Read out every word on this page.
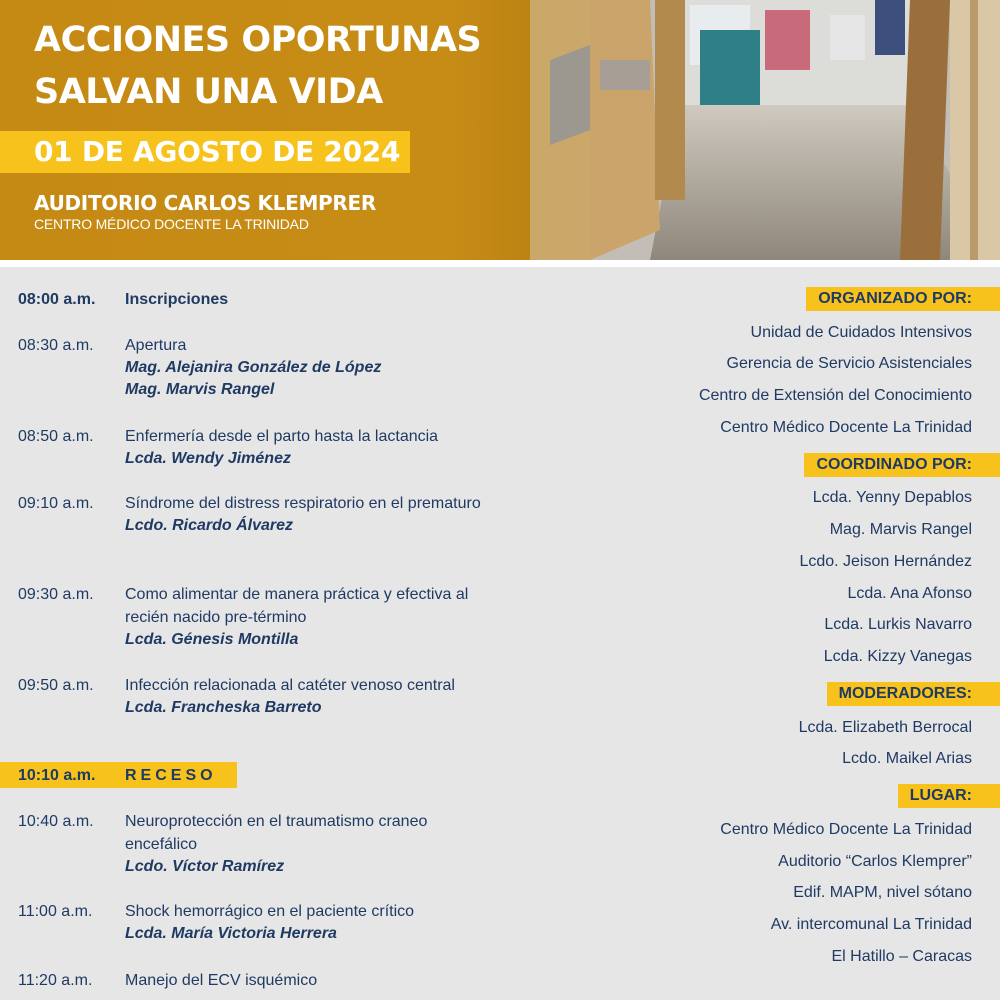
ACCIONES OPORTUNAS
SALVAN UNA VIDA
01 DE AGOSTO DE 2024
AUDITORIO CARLOS KLEMPRER
CENTRO MÉDICO DOCENTE LA TRINIDAD
08:00 a.m. Inscripciones
08:30 a.m. Apertura
Mag. Alejanira González de López
Mag. Marvis Rangel
08:50 a.m. Enfermería desde el parto hasta la lactancia
Lcda. Wendy Jiménez
09:10 a.m. Síndrome del distress respiratorio en el prematuro
Lcdo. Ricardo Álvarez
09:30 a.m. Como alimentar de manera práctica y efectiva al recién nacido pre-término
Lcda. Génesis Montilla
09:50 a.m. Infección relacionada al catéter venoso central
Lcda. Francheska Barreto
10:10 a.m. RECESO
10:40 a.m. Neuroprotección en el traumatismo craneo encefálico
Lcdo. Víctor Ramírez
11:00 a.m. Shock hemorrágico en el paciente crítico
Lcda. María Victoria Herrera
11:20 a.m. Manejo del ECV isquémico
ORGANIZADO POR:
Unidad de Cuidados Intensivos
Gerencia de Servicio Asistenciales
Centro de Extensión del Conocimiento
Centro Médico Docente La Trinidad
COORDINADO POR:
Lcda. Yenny Depablos
Mag. Marvis Rangel
Lcdo. Jeison Hernández
Lcda. Ana Afonso
Lcda. Lurkis Navarro
Lcda. Kizzy Vanegas
MODERADORES:
Lcda. Elizabeth Berrocal
Lcdo. Maikel Arias
LUGAR:
Centro Médico Docente La Trinidad
Auditorio “Carlos Klemprer”
Edif. MAPM, nivel sótano
Av. intercomunal La Trinidad
El Hatillo – Caracas
